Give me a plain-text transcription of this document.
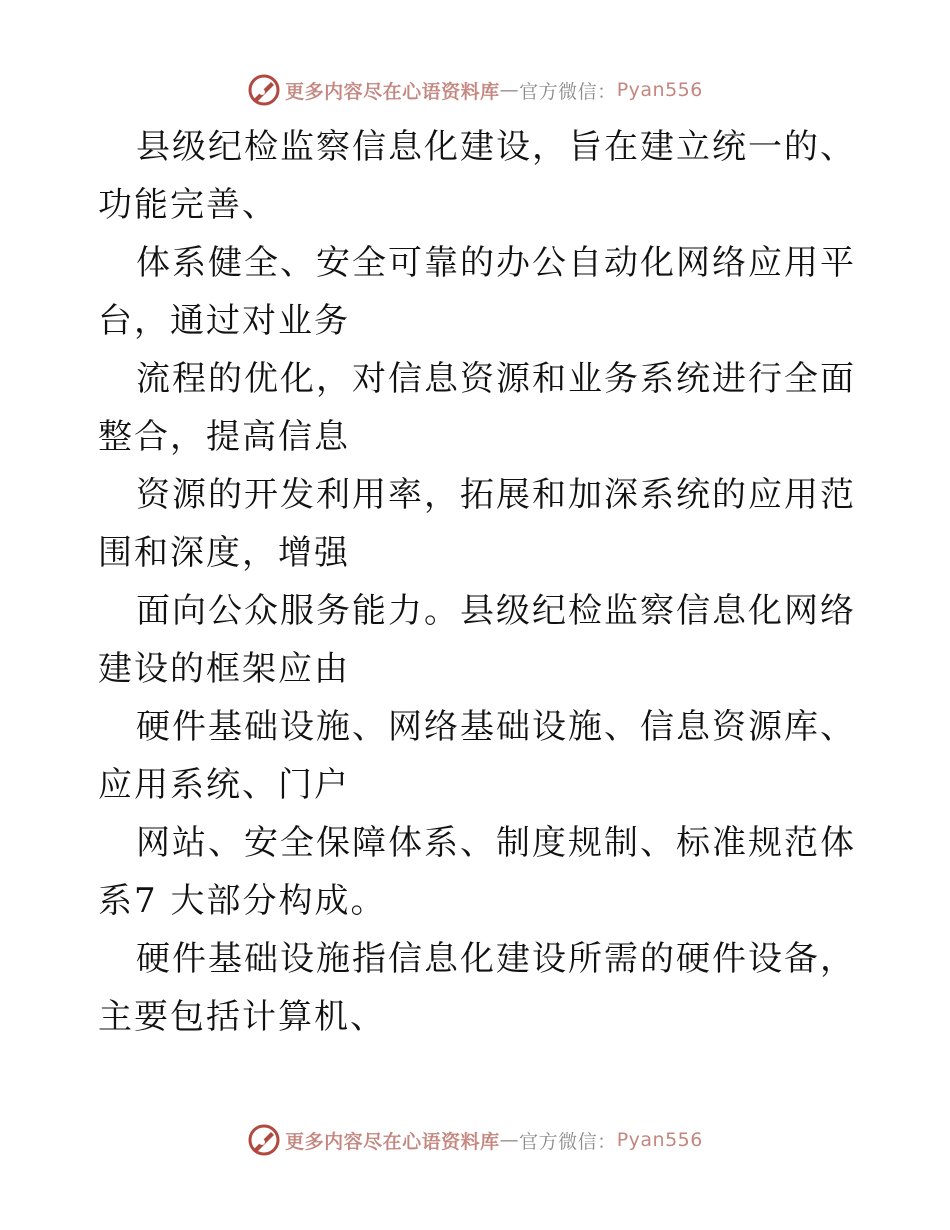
更多内容尽在心语资料库 — 官方微信： Pyan556

县级纪检监察信息化建设，旨在建立统一的、功能完善、

体系健全、安全可靠的办公自动化网络应用平台，通过对业务

流程的优化，对信息资源和业务系统进行全面整合，提高信息

资源的开发利用率，拓展和加深系统的应用范围和深度，增强

面向公众服务能力。县级纪检监察信息化网络建设的框架应由

硬件基础设施、网络基础设施、信息资源库、应用系统、门户

网站、安全保障体系、制度规制、标准规范体系7 大部分构成。

硬件基础设施指信息化建设所需的硬件设备，主要包括计算机、

更多内容尽在心语资料库 — 官方微信： Pyan556
